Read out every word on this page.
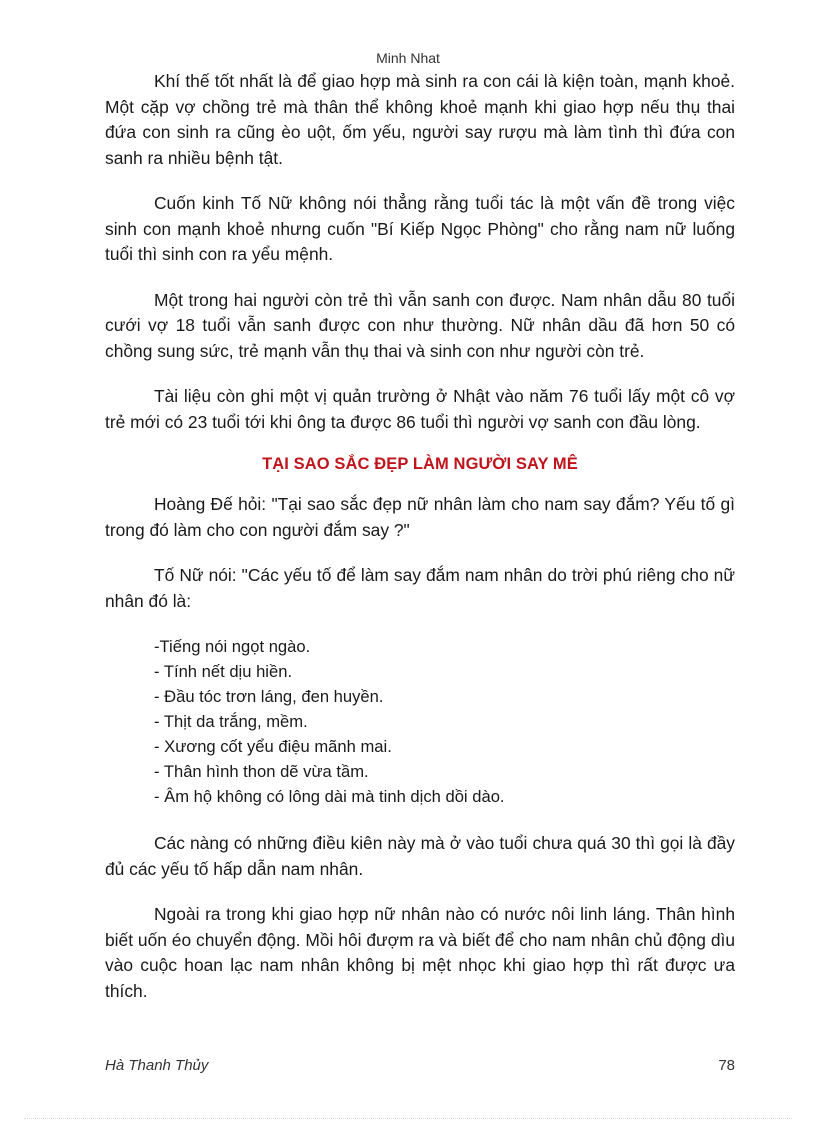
Minh Nhat

Khí thế tốt nhất là để giao hợp mà sinh ra con cái là kiện toàn, mạnh khoẻ. Một cặp vợ chồng trẻ mà thân thể không khoẻ mạnh khi giao hợp nếu thụ thai đứa con sinh ra cũng èo uột, ốm yếu, người say rượu mà làm tình thì đứa con sanh ra nhiều bệnh tật.

Cuốn kinh Tố Nữ không nói thẳng rằng tuổi tác là một vấn đề trong việc sinh con mạnh khoẻ nhưng cuốn "Bí Kiếp Ngọc Phòng" cho rằng nam nữ luống tuổi thì sinh con ra yểu mệnh.

Một trong hai người còn trẻ thì vẫn sanh con được. Nam nhân dẫu 80 tuổi cưới vợ 18 tuổi vẫn sanh được con như thường. Nữ nhân dầu đã hơn 50 có chồng sung sức, trẻ mạnh vẫn thụ thai và sinh con như người còn trẻ.

Tài liệu còn ghi một vị quản trường ở Nhật vào năm 76 tuổi lấy một cô vợ trẻ mới có 23 tuổi tới khi ông ta được 86 tuổi thì người vợ sanh con đầu lòng.

TẠI SAO SẮC ĐẸP LÀM NGƯỜI SAY MÊ

Hoàng Đế hỏi: "Tại sao sắc đẹp nữ nhân làm cho nam say đắm? Yếu tố gì trong đó làm cho con người đắm say ?"

Tố Nữ nói: "Các yếu tố để làm say đắm nam nhân do trời phú riêng cho nữ nhân đó là:

-Tiếng nói ngọt ngào.
- Tính nết dịu hiền.
- Đầu tóc trơn láng, đen huyền.
- Thịt da trắng, mềm.
- Xương cốt yểu điệu mãnh mai.
- Thân hình thon dẽ vừa tầm.
- Âm hộ không có lông dài mà tinh dịch dồi dào.

Các nàng có những điều kiên này mà ở vào tuổi chưa quá 30 thì gọi là đầy đủ các yếu tố hấp dẫn nam nhân.

Ngoài ra trong khi giao hợp nữ nhân nào có nước nôi linh láng. Thân hình biết uốn éo chuyển động. Mồi hôi đượm ra và biết để cho nam nhân chủ động dìu vào cuộc hoan lạc nam nhân không bị mệt nhọc khi giao hợp thì rất được ưa thích.

Hà Thanh Thủy	78
